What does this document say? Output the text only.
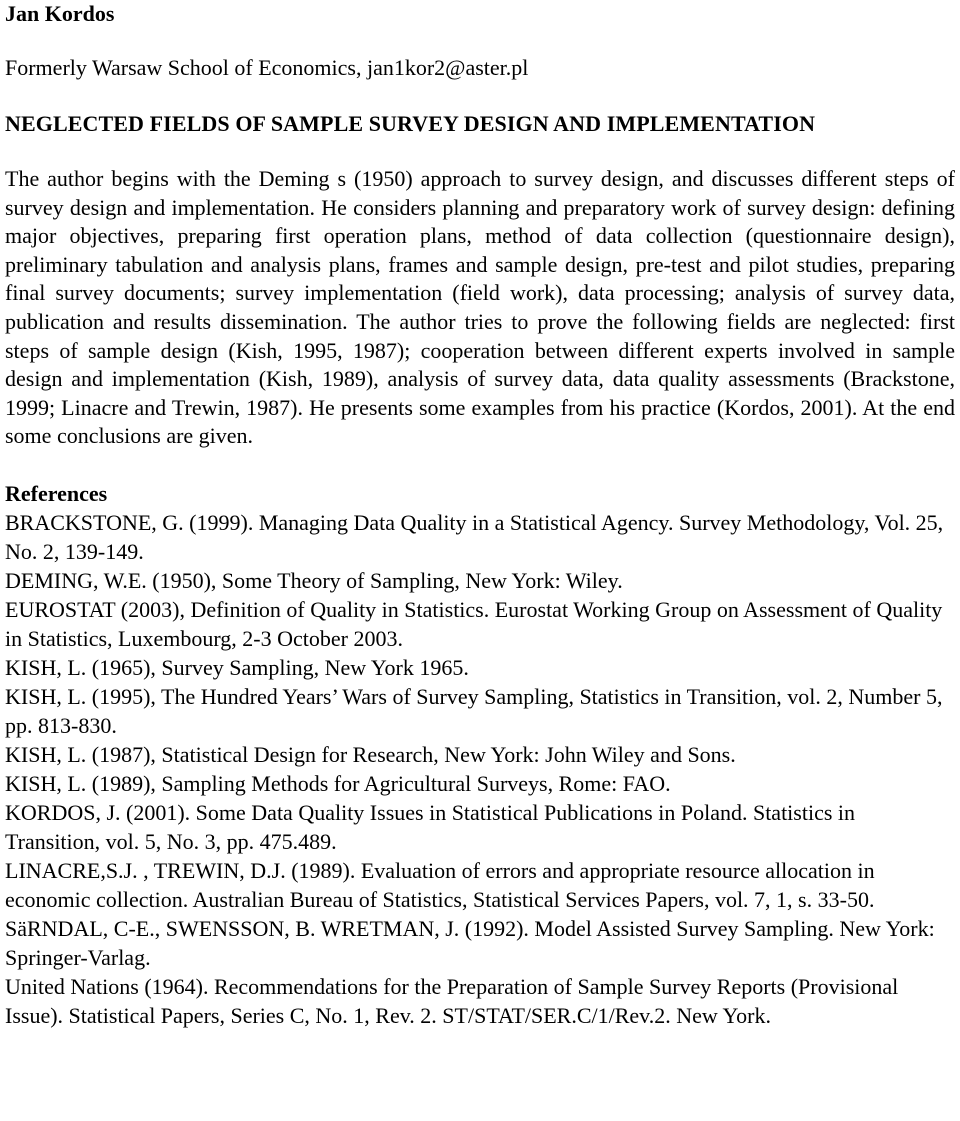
Jan Kordos

Formerly Warsaw School of Economics, jan1kor2@aster.pl

NEGLECTED FIELDS OF SAMPLE SURVEY DESIGN AND IMPLEMENTATION

The author begins with the Deming s (1950) approach to survey design, and discusses different steps of survey design and implementation. He considers planning and preparatory work of survey design: defining major objectives, preparing first operation plans, method of data collection (questionnaire design), preliminary tabulation and analysis plans, frames and sample design, pre-test and pilot studies, preparing final survey documents; survey implementation (field work), data processing; analysis of survey data, publication and results dissemination. The author tries to prove the following fields are neglected: first steps of sample design (Kish, 1995, 1987); cooperation between different experts involved in sample design and implementation (Kish, 1989), analysis of survey data, data quality assessments (Brackstone, 1999; Linacre and Trewin, 1987). He presents some examples from his practice (Kordos, 2001). At the end some conclusions are given.

References

BRACKSTONE, G. (1999). Managing Data Quality in a Statistical Agency. Survey Methodology, Vol. 25, No. 2, 139-149.
DEMING, W.E. (1950), Some Theory of Sampling, New York: Wiley.
EUROSTAT (2003), Definition of Quality in Statistics. Eurostat Working Group on Assessment of Quality in Statistics, Luxembourg, 2-3 October 2003.
KISH, L. (1965), Survey Sampling, New York 1965.
KISH, L. (1995), The Hundred Years’ Wars of Survey Sampling, Statistics in Transition, vol. 2, Number 5, pp. 813-830.
KISH, L. (1987), Statistical Design for Research, New York: John Wiley and Sons.
KISH, L. (1989), Sampling Methods for Agricultural Surveys, Rome: FAO.
KORDOS, J. (2001). Some Data Quality Issues in Statistical Publications in Poland. Statistics in Transition, vol. 5, No. 3, pp. 475.489.
LINACRE,S.J. , TREWIN, D.J. (1989). Evaluation of errors and appropriate resource allocation in economic collection. Australian Bureau of Statistics, Statistical Services Papers, vol. 7, 1, s. 33-50.
SäRNDAL, C-E., SWENSSON, B. WRETMAN, J. (1992). Model Assisted Survey Sampling. New York: Springer-Varlag.
United Nations (1964). Recommendations for the Preparation of Sample Survey Reports (Provisional Issue). Statistical Papers, Series C, No. 1, Rev. 2. ST/STAT/SER.C/1/Rev.2. New York.
